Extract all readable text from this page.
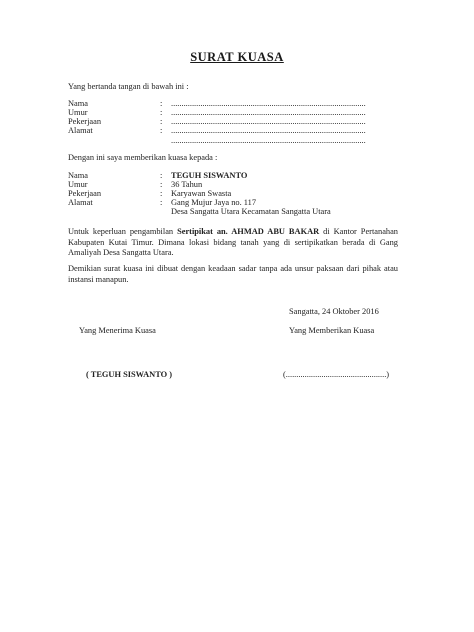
SURAT KUASA
Yang bertanda tangan di bawah ini :
Nama	: .............................................................................................
Umur	: .............................................................................................
Pekerjaan	: .............................................................................................
Alamat	: .............................................................................................
.............................................................................................
Dengan ini saya memberikan kuasa kepada :
Nama	: TEGUH SISWANTO
Umur	: 36 Tahun
Pekerjaan	: Karyawan Swasta
Alamat	: Gang Mujur Jaya no. 117
Desa Sangatta Utara Kecamatan Sangatta Utara
Untuk keperluan pengambilan Sertipikat an. AHMAD ABU BAKAR di Kantor Pertanahan Kabupaten Kutai Timur. Dimana lokasi bidang tanah yang di sertipikatkan berada di Gang Amaliyah Desa Sangatta Utara.
Demikian surat kuasa ini dibuat dengan keadaan sadar tanpa ada unsur paksaan dari pihak atau instansi manapun.
Sangatta, 24 Oktober 2016
Yang Menerima Kuasa	Yang Memberikan Kuasa
( TEGUH SISWANTO )	(................................................)
